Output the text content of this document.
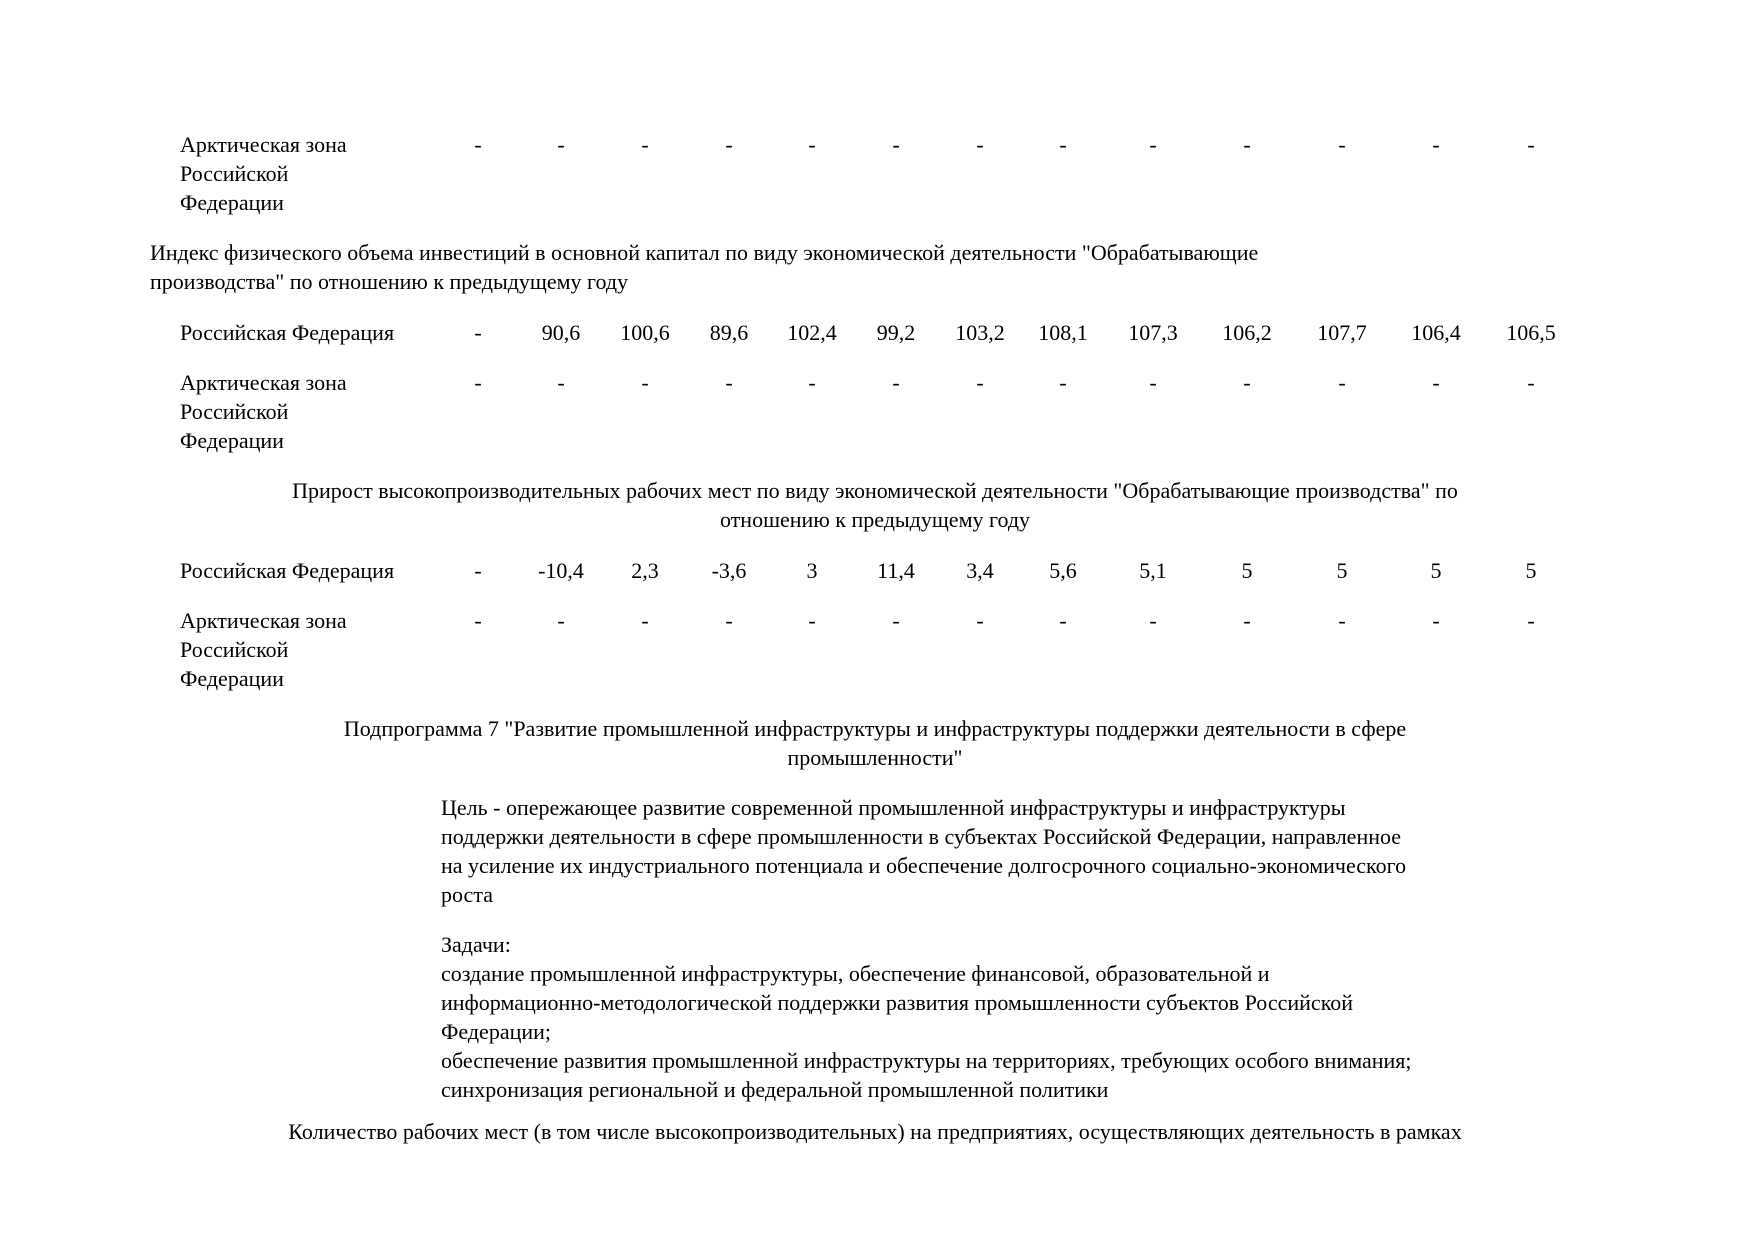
Арктическая зона
Российской
Федерации
-	-	-	-	-	-	-	-	-	-	-	-	-
Индекс физического объема инвестиций в основной капитал по виду экономической деятельности "Обрабатывающие
производства" по отношению к предыдущему году
Российская Федерация	-	90,6	100,6	89,6	102,4	99,2	103,2	108,1	107,3	106,2	107,7	106,4	106,5
Арктическая зона
Российской
Федерации
-	-	-	-	-	-	-	-	-	-	-	-	-
Прирост высокопроизводительных рабочих мест по виду экономической деятельности "Обрабатывающие производства" по
отношению к предыдущему году
Российская Федерация	-	-10,4	2,3	-3,6	3	11,4	3,4	5,6	5,1	5	5	5	5
Арктическая зона
Российской
Федерации
-	-	-	-	-	-	-	-	-	-	-	-	-
Подпрограмма 7 "Развитие промышленной инфраструктуры и инфраструктуры поддержки деятельности в сфере
промышленности"
Цель - опережающее развитие современной промышленной инфраструктуры и инфраструктуры
поддержки деятельности в сфере промышленности в субъектах Российской Федерации, направленное
на усиление их индустриального потенциала и обеспечение долгосрочного социально-экономического
роста
Задачи:
создание промышленной инфраструктуры, обеспечение финансовой, образовательной и
информационно-методологической поддержки развития промышленности субъектов Российской
Федерации;
обеспечение развития промышленной инфраструктуры на территориях, требующих особого внимания;
синхронизация региональной и федеральной промышленной политики
Количество рабочих мест (в том числе высокопроизводительных) на предприятиях, осуществляющих деятельность в рамках
